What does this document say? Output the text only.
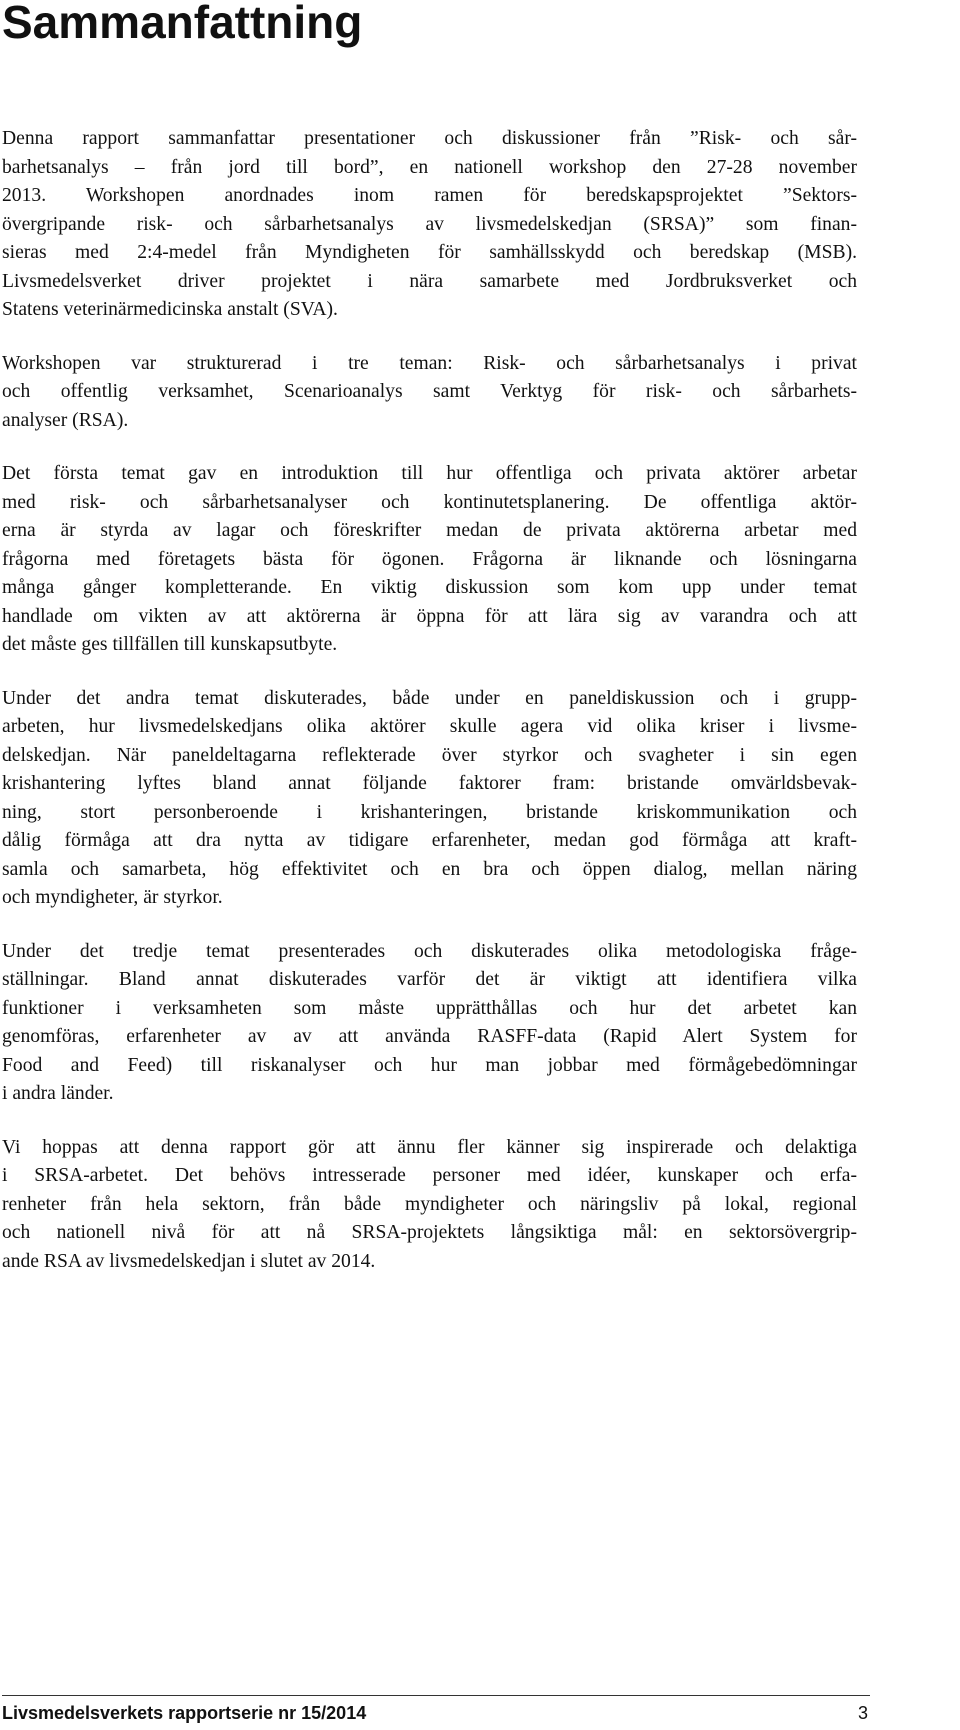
Sammanfattning

Denna rapport sammanfattar presentationer och diskussioner från ”Risk- och sår-
barhetsanalys – från jord till bord”, en nationell workshop den 27-28 november
2013. Workshopen anordnades inom ramen för beredskapsprojektet ”Sektors-
övergripande risk- och sårbarhetsanalys av livsmedelskedjan (SRSA)” som finan-
sieras med 2:4-medel från Myndigheten för samhällsskydd och beredskap (MSB).
Livsmedelsverket driver projektet i nära samarbete med Jordbruksverket och
Statens veterinärmedicinska anstalt (SVA).

Workshopen var strukturerad i tre teman: Risk- och sårbarhetsanalys i privat
och offentlig verksamhet, Scenarioanalys samt Verktyg för risk- och sårbarhets-
analyser (RSA).

Det första temat gav en introduktion till hur offentliga och privata aktörer arbetar
med risk- och sårbarhetsanalyser och kontinutetsplanering. De offentliga aktör-
erna är styrda av lagar och föreskrifter medan de privata aktörerna arbetar med
frågorna med företagets bästa för ögonen. Frågorna är liknande och lösningarna
många gånger kompletterande. En viktig diskussion som kom upp under temat
handlade om vikten av att aktörerna är öppna för att lära sig av varandra och att
det måste ges tillfällen till kunskapsutbyte.

Under det andra temat diskuterades, både under en paneldiskussion och i grupp-
arbeten, hur livsmedelskedjans olika aktörer skulle agera vid olika kriser i livsme-
delskedjan. När paneldeltagarna reflekterade över styrkor och svagheter i sin egen
krishantering lyftes bland annat följande faktorer fram: bristande omvärldsbevak-
ning, stort personberoende i krishanteringen, bristande kriskommunikation och
dålig förmåga att dra nytta av tidigare erfarenheter, medan god förmåga att kraft-
samla och samarbeta, hög effektivitet och en bra och öppen dialog, mellan näring
och myndigheter, är styrkor.

Under det tredje temat presenterades och diskuterades olika metodologiska fråge-
ställningar. Bland annat diskuterades varför det är viktigt att identifiera vilka
funktioner i verksamheten som måste upprätthållas och hur det arbetet kan
genomföras, erfarenheter av av att använda RASFF-data (Rapid Alert System for
Food and Feed) till riskanalyser och hur man jobbar med förmågebedömningar
i andra länder.

Vi hoppas att denna rapport gör att ännu fler känner sig inspirerade och delaktiga
i SRSA-arbetet. Det behövs intresserade personer med idéer, kunskaper och erfa-
renheter från hela sektorn, från både myndigheter och näringsliv på lokal, regional
och nationell nivå för att nå SRSA-projektets långsiktiga mål: en sektorsövergrip-
ande RSA av livsmedelskedjan i slutet av 2014.

Livsmedelsverkets rapportserie nr 15/2014	3
